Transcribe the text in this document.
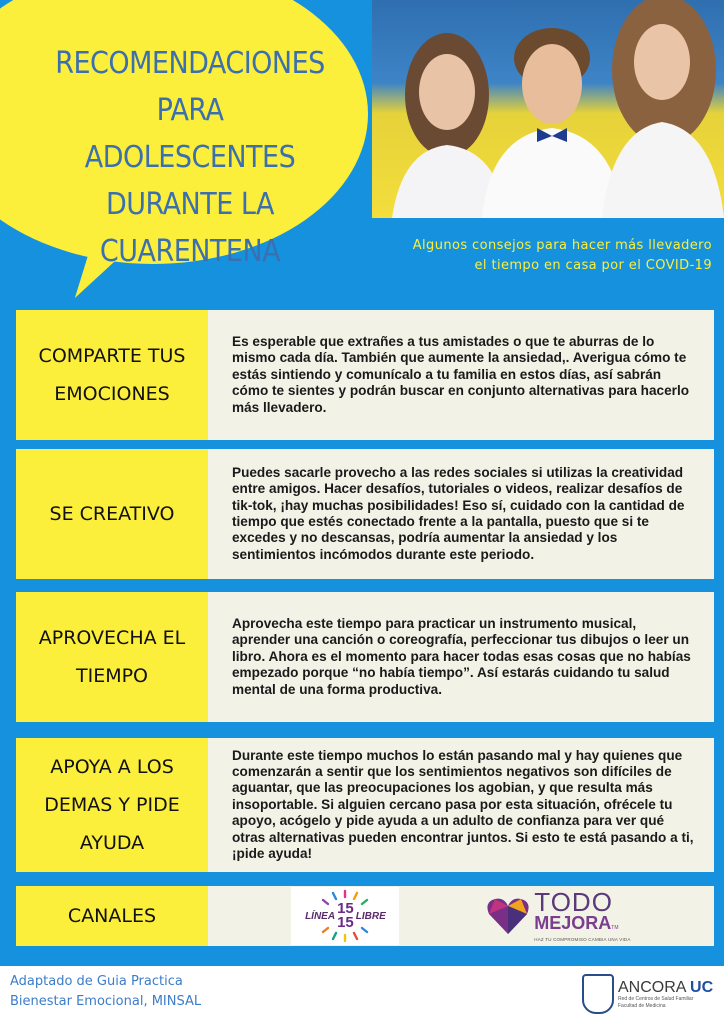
RECOMENDACIONES PARA
ADOLESCENTES
DURANTE LA CUARENTENA	Algunos consejos para hacer más llevadero
el tiempo en casa por el COVID-19
COMPARTE TUS
EMOCIONES
Es esperable que extrañes a tus amistades o que te aburras de lo mismo cada día. También que aumente la ansiedad,. Averigua cómo te estás sintiendo y comunícalo a tu familia en estos días, así sabrán cómo te sientes y podrán buscar en conjunto alternativas para hacerlo más llevadero.
SE CREATIVO
Puedes sacarle provecho a las redes sociales si utilizas la creatividad entre amigos. Hacer desafíos, tutoriales o videos, realizar desafíos de tik-tok, ¡hay muchas posibilidades! Eso sí, cuidado con la cantidad de tiempo que estés conectado frente a la pantalla, puesto que si te excedes y no descansas, podría aumentar la ansiedad y los sentimientos incómodos durante este periodo.
APROVECHA EL
TIEMPO
Aprovecha este tiempo para practicar un instrumento musical, aprender una canción o coreografía, perfeccionar tus dibujos o leer un libro. Ahora es el momento para hacer todas esas cosas que no habías empezado porque “no había tiempo”. Así estarás cuidando tu salud mental de una forma productiva.
APOYA A LOS
DEMAS Y PIDE
AYUDA
Durante este tiempo muchos lo están pasando mal y hay quienes que comenzarán a sentir que los sentimientos negativos son difíciles de aguantar, que las preocupaciones los agobian, y que resulta más insoportable. Si alguien cercano pasa por esta situación, ofrécele tu apoyo, acógelo y pide ayuda a un adulto de confianza para ver qué otras alternativas pueden encontrar juntos. Si esto te está pasando a ti, ¡pide ayuda!
CANALES	LÍNEA 15
15 LIBRE	TODO
MEJORATM
HAZ TU COMPROMISO CAMBIA UNA VIDA
Adaptado de Guia Practica
Bienestar Emocional, MINSAL
ANCORA UC
Red de Centros de Salud Familiar
Facultad de Medicina
